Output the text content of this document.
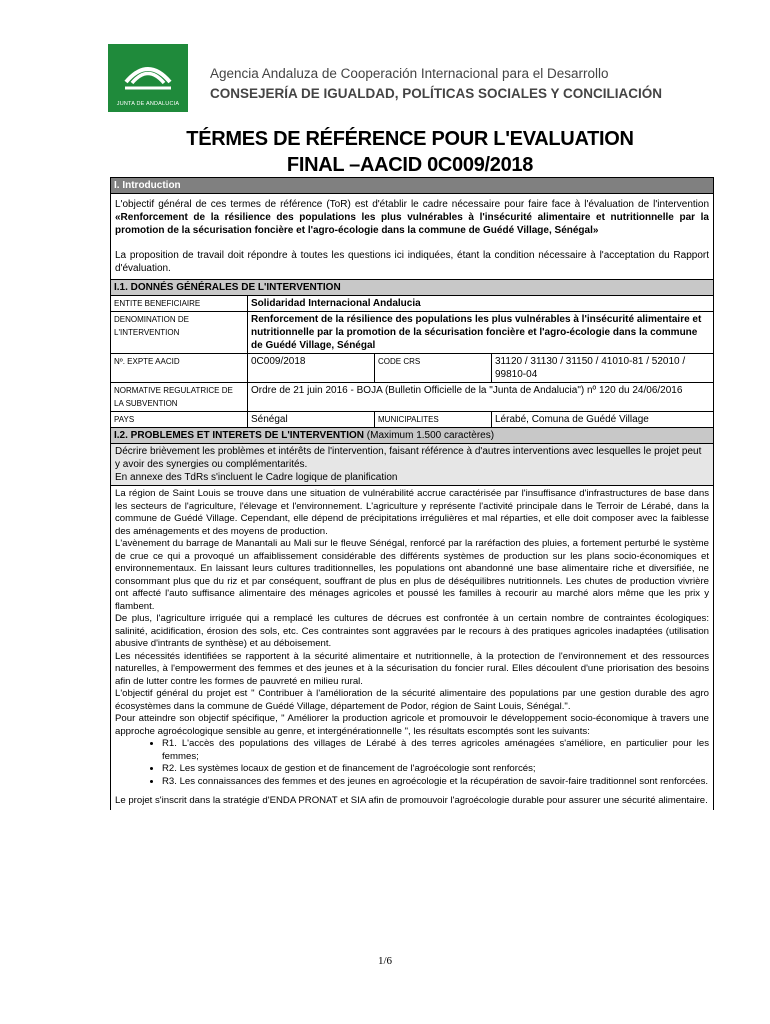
JUNTA DE ANDALUCIA
Agencia Andaluza de Cooperación Internacional para el Desarrollo
CONSEJERÍA DE IGUALDAD, POLÍTICAS SOCIALES Y CONCILIACIÓN
TÉRMES DE RÉFÉRENCE POUR L'EVALUATION
FINAL –AACID 0C009/2018
I. Introduction

L'objectif général de ces termes de référence (ToR) est d'établir le cadre nécessaire pour faire face à l'évaluation de l'intervention «Renforcement de la résilience des populations les plus vulnérables à l'insécurité alimentaire et nutritionnelle par la promotion de la sécurisation foncière et l'agro-écologie dans la commune de Guédé Village, Sénégal»

La proposition de travail doit répondre à toutes les questions ici indiquées, étant la condition nécessaire à l'acceptation du Rapport d'évaluation.

I.1. DONNÉS GÉNÉRALES DE L'INTERVENTION
ENTITE BENEFICIAIRE	Solidaridad Internacional Andalucia		
DENOMINATION DE L'INTERVENTION	Renforcement de la résilience des populations les plus vulnérables à l'insécurité alimentaire et nutritionnelle par la promotion de la sécurisation foncière et l'agro-écologie dans la commune de Guédé Village, Sénégal		
Nº. EXPTE AACID	0C009/2018	CODE CRS	31120 / 31130 / 31150 / 41010-81 / 52010 / 99810-04
NORMATIVE REGULATRICE DE LA SUBVENTION	Ordre de 21 juin 2016 - BOJA (Bulletin Officielle de la "Junta de Andalucia") nº 120 du 24/06/2016		
PAYS	Sénégal	MUNICIPALITES	Lérabé, Comuna de Guédé Village
I.2. PROBLEMES ET INTERETS DE L'INTERVENTION (Maximum 1.500 caractères)
Décrire brièvement les problèmes et intérêts de l'intervention, faisant référence à d'autres interventions avec lesquelles le projet peut y avoir des synergies ou complémentarités.
En annexe des TdRs s'incluent le Cadre logique de planification

La région de Saint Louis se trouve dans une situation de vulnérabilité accrue caractérisée par l'insuffisance d'infrastructures de base dans les secteurs de l'agriculture, l'élevage et l'environnement. L'agriculture y représente l'activité principale dans le Terroir de Lérabé, dans la commune de Guédé Village. Cependant, elle dépend de précipitations irrégulières et mal réparties, et elle doit composer avec la faiblesse des aménagements et des moyens de production.

L'avènement du barrage de Manantali au Mali sur le fleuve Sénégal, renforcé par la raréfaction des pluies, a fortement perturbé le système de crue ce qui a provoqué un affaiblissement considérable des différents systèmes de production sur les plans socio-économiques et environnementaux. En laissant leurs cultures traditionnelles, les populations ont abandonné une base alimentaire riche et diversifiée, ne consommant plus que du riz et par conséquent, souffrant de plus en plus de déséquilibres nutritionnels. Les chutes de production vivrière ont affecté l'auto suffisance alimentaire des ménages agricoles et poussé les familles à recourir au marché alors même que les prix y flambent.

De plus, l'agriculture irriguée qui a remplacé les cultures de décrues est confrontée à un certain nombre de contraintes écologiques: salinité, acidification, érosion des sols, etc. Ces contraintes sont aggravées par le recours à des pratiques agricoles inadaptées (utilisation abusive d'intrants de synthèse) et au déboisement.

Les nécessités identifiées se rapportent à la sécurité alimentaire et nutritionnelle, à la protection de l'environnement et des ressources naturelles, à l'empowerment des femmes et des jeunes et à la sécurisation du foncier rural. Elles découlent d'une priorisation des besoins afin de lutter contre les formes de pauvreté en milieu rural.

L'objectif général du projet est " Contribuer à l'amélioration de la sécurité alimentaire des populations par une gestion durable des agro écosystèmes dans la commune de Guédé Village, département de Podor, région de Saint Louis, Sénégal.".

Pour atteindre son objectif spécifique, " Améliorer la production agricole et promouvoir le développement socio-économique à travers une approche agroécologique sensible au genre, et intergénérationnelle ", les résultats escomptés sont les suivants:

• R1. L'accès des populations des villages de Lérabé à des terres agricoles aménagées s'améliore, en particulier pour les femmes;
• R2. Les systèmes locaux de gestion et de financement de l'agroécologie sont renforcés;
• R3. Les connaissances des femmes et des jeunes en agroécologie et la récupération de savoir-faire traditionnel sont renforcées.

Le projet s'inscrit dans la stratégie d'ENDA PRONAT et SIA afin de promouvoir l'agroécologie durable pour assurer une sécurité alimentaire.

1/6
